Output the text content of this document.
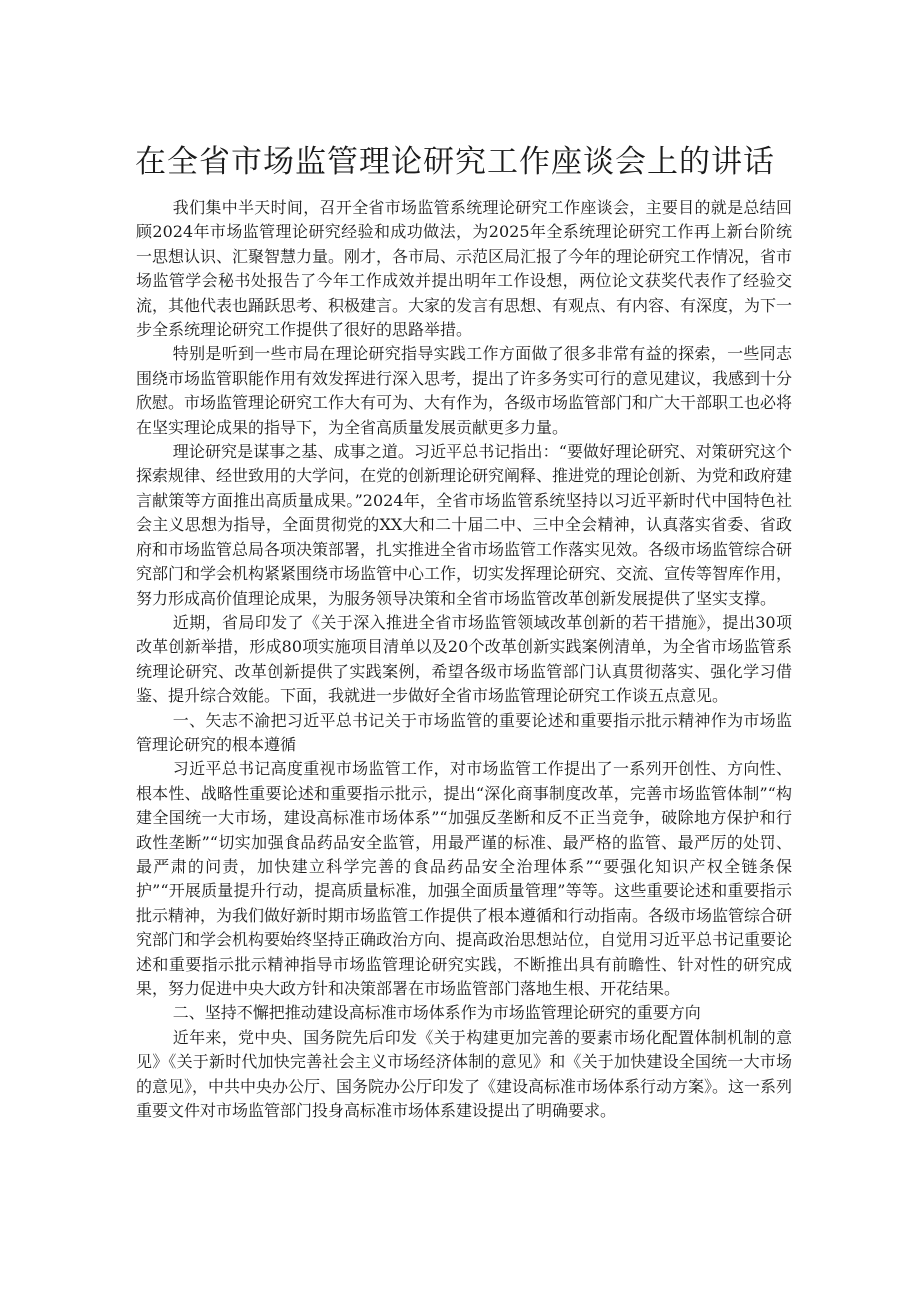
在全省市场监管理论研究工作座谈会上的讲话

我们集中半天时间，召开全省市场监管系统理论研究工作座谈会，主要目的就是总结回顾2024年市场监管理论研究经验和成功做法，为2025年全系统理论研究工作再上新台阶统一思想认识、汇聚智慧力量。刚才，各市局、示范区局汇报了今年的理论研究工作情况，省市场监管学会秘书处报告了今年工作成效并提出明年工作设想，两位论文获奖代表作了经验交流，其他代表也踊跃思考、积极建言。大家的发言有思想、有观点、有内容、有深度，为下一步全系统理论研究工作提供了很好的思路举措。

特别是听到一些市局在理论研究指导实践工作方面做了很多非常有益的探索，一些同志围绕市场监管职能作用有效发挥进行深入思考，提出了许多务实可行的意见建议，我感到十分欣慰。市场监管理论研究工作大有可为、大有作为，各级市场监管部门和广大干部职工也必将在坚实理论成果的指导下，为全省高质量发展贡献更多力量。

理论研究是谋事之基、成事之道。习近平总书记指出：“要做好理论研究、对策研究这个探索规律、经世致用的大学问，在党的创新理论研究阐释、推进党的理论创新、为党和政府建言献策等方面推出高质量成果。”2024年，全省市场监管系统坚持以习近平新时代中国特色社会主义思想为指导，全面贯彻党的XX大和二十届二中、三中全会精神，认真落实省委、省政府和市场监管总局各项决策部署，扎实推进全省市场监管工作落实见效。各级市场监管综合研究部门和学会机构紧紧围绕市场监管中心工作，切实发挥理论研究、交流、宣传等智库作用，努力形成高价值理论成果，为服务领导决策和全省市场监管改革创新发展提供了坚实支撑。

近期，省局印发了《关于深入推进全省市场监管领域改革创新的若干措施》，提出30项改革创新举措，形成80项实施项目清单以及20个改革创新实践案例清单，为全省市场监管系统理论研究、改革创新提供了实践案例，希望各级市场监管部门认真贯彻落实、强化学习借鉴、提升综合效能。下面，我就进一步做好全省市场监管理论研究工作谈五点意见。

一、矢志不渝把习近平总书记关于市场监管的重要论述和重要指示批示精神作为市场监管理论研究的根本遵循

习近平总书记高度重视市场监管工作，对市场监管工作提出了一系列开创性、方向性、根本性、战略性重要论述和重要指示批示，提出“深化商事制度改革，完善市场监管体制”“构建全国统一大市场，建设高标准市场体系”“加强反垄断和反不正当竞争，破除地方保护和行政性垄断”“切实加强食品药品安全监管，用最严谨的标准、最严格的监管、最严厉的处罚、最严肃的问责，加快建立科学完善的食品药品安全治理体系”“要强化知识产权全链条保护”“开展质量提升行动，提高质量标准，加强全面质量管理”等等。这些重要论述和重要指示批示精神，为我们做好新时期市场监管工作提供了根本遵循和行动指南。各级市场监管综合研究部门和学会机构要始终坚持正确政治方向、提高政治思想站位，自觉用习近平总书记重要论述和重要指示批示精神指导市场监管理论研究实践，不断推出具有前瞻性、针对性的研究成果，努力促进中央大政方针和决策部署在市场监管部门落地生根、开花结果。

二、坚持不懈把推动建设高标准市场体系作为市场监管理论研究的重要方向

近年来，党中央、国务院先后印发《关于构建更加完善的要素市场化配置体制机制的意见》《关于新时代加快完善社会主义市场经济体制的意见》和《关于加快建设全国统一大市场的意见》，中共中央办公厅、国务院办公厅印发了《建设高标准市场体系行动方案》。这一系列重要文件对市场监管部门投身高标准市场体系建设提出了明确要求。
